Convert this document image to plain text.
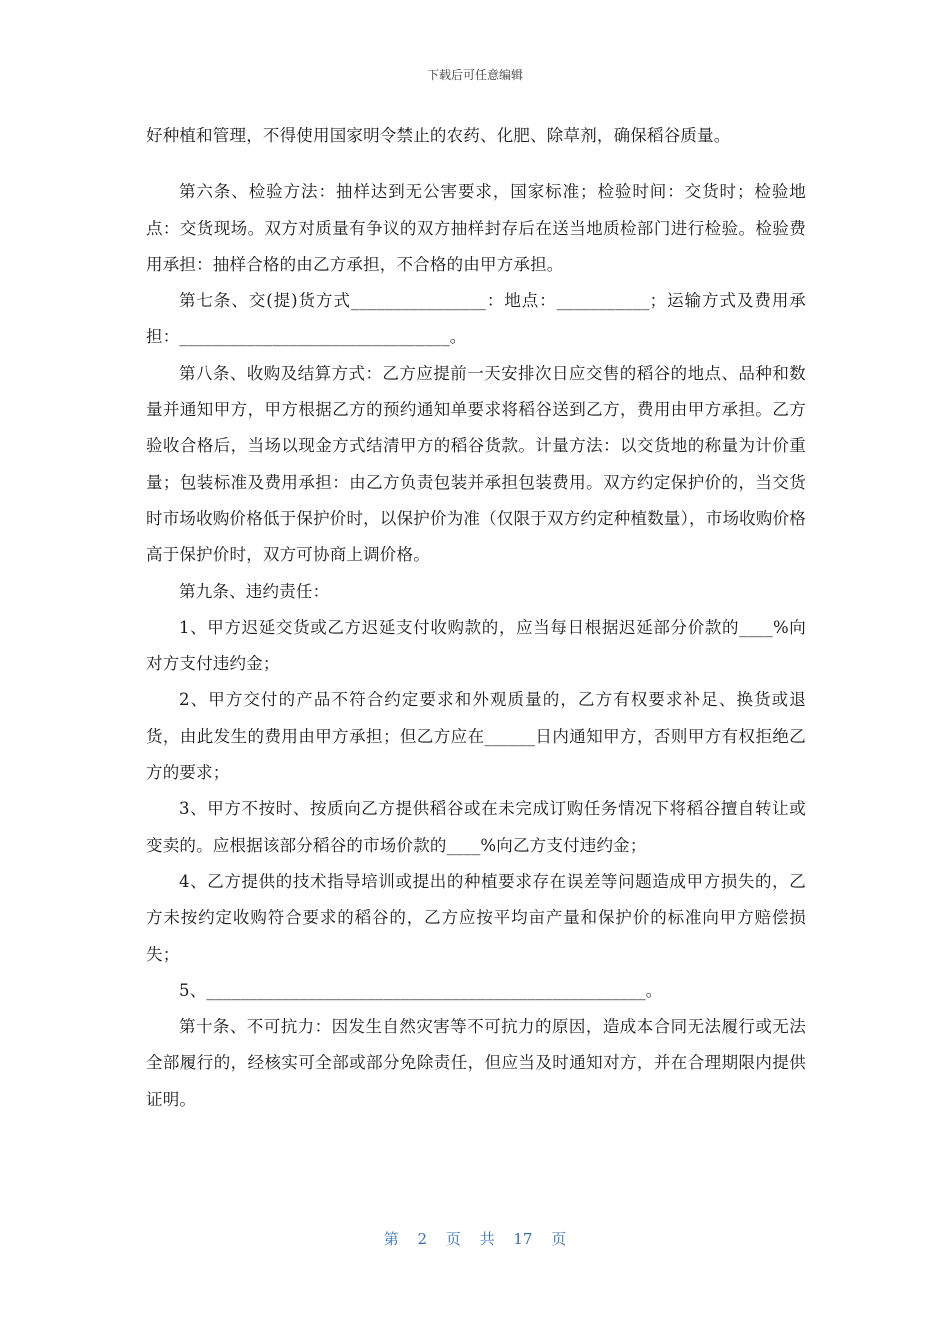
下载后可任意编辑

好种植和管理，不得使用国家明令禁止的农药、化肥、除草剂，确保稻谷质量。

第六条、检验方法：抽样达到无公害要求，国家标准；检验时间：交货时；检验地点：交货现场。双方对质量有争议的双方抽样封存后在送当地质检部门进行检验。检验费用承担：抽样合格的由乙方承担，不合格的由甲方承担。

第七条、交(提)货方式________________：地点：___________；运输方式及费用承担：________________________________。

第八条、收购及结算方式：乙方应提前一天安排次日应交售的稻谷的地点、品种和数量并通知甲方，甲方根据乙方的预约通知单要求将稻谷送到乙方，费用由甲方承担。乙方验收合格后，当场以现金方式结清甲方的稻谷货款。计量方法：以交货地的称量为计价重量；包装标准及费用承担：由乙方负责包装并承担包装费用。双方约定保护价的，当交货时市场收购价格低于保护价时，以保护价为准（仅限于双方约定种植数量），市场收购价格高于保护价时，双方可协商上调价格。

第九条、违约责任：

1、甲方迟延交货或乙方迟延支付收购款的，应当每日根据迟延部分价款的____%向对方支付违约金；

2、甲方交付的产品不符合约定要求和外观质量的，乙方有权要求补足、换货或退货，由此发生的费用由甲方承担；但乙方应在______日内通知甲方，否则甲方有权拒绝乙方的要求；

3、甲方不按时、按质向乙方提供稻谷或在未完成订购任务情况下将稻谷擅自转让或变卖的。应根据该部分稻谷的市场价款的____%向乙方支付违约金；

4、乙方提供的技术指导培训或提出的种植要求存在误差等问题造成甲方损失的，乙方未按约定收购符合要求的稻谷的，乙方应按平均亩产量和保护价的标准向甲方赔偿损失；

5、____________________________________________________。

第十条、不可抗力：因发生自然灾害等不可抗力的原因，造成本合同无法履行或无法全部履行的，经核实可全部或部分免除责任，但应当及时通知对方，并在合理期限内提供证明。

第 2 页 共 17 页
